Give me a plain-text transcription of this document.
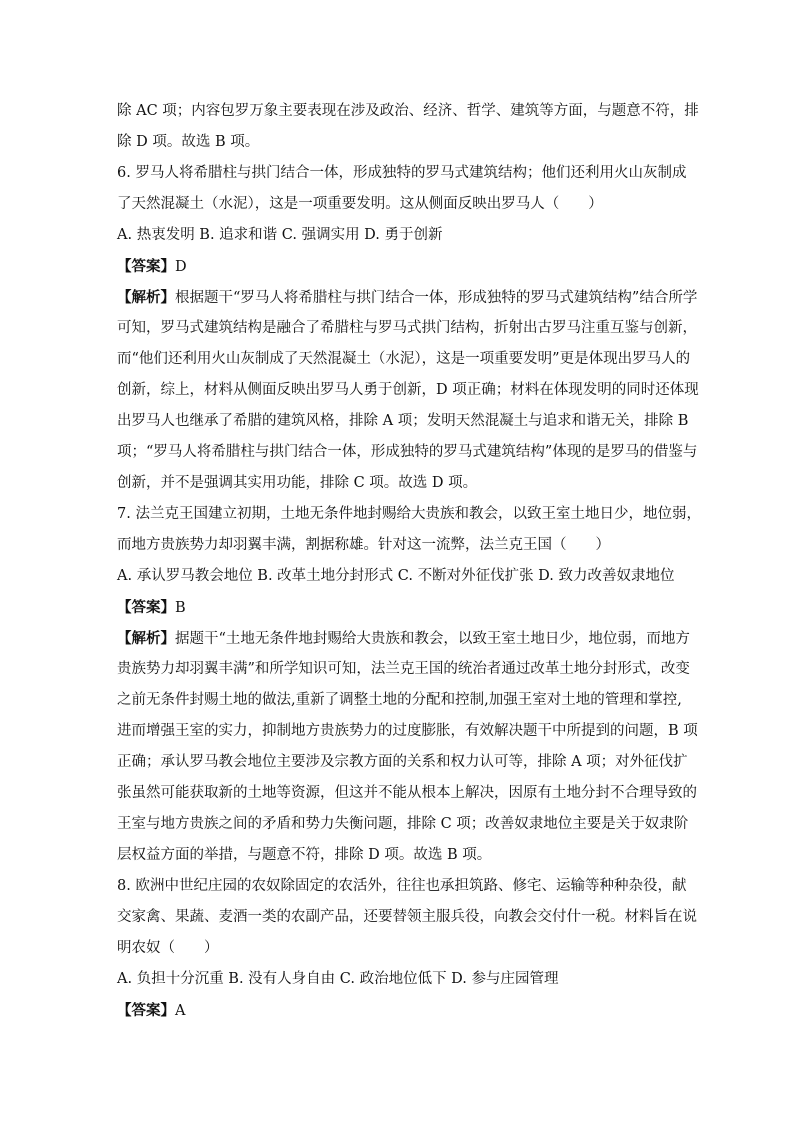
除 AC 项；内容包罗万象主要表现在涉及政治、经济、哲学、建筑等方面，与题意不符，排
除 D 项。故选 B 项。
6. 罗马人将希腊柱与拱门结合一体，形成独特的罗马式建筑结构；他们还利用火山灰制成
了天然混凝土（水泥），这是一项重要发明。这从侧面反映出罗马人（　　）
A. 热衷发明 B. 追求和谐 C. 强调实用 D. 勇于创新
【答案】D
【解析】根据题干“罗马人将希腊柱与拱门结合一体，形成独特的罗马式建筑结构”结合所学
可知，罗马式建筑结构是融合了希腊柱与罗马式拱门结构，折射出古罗马注重互鉴与创新，
而“他们还利用火山灰制成了天然混凝土（水泥），这是一项重要发明”更是体现出罗马人的
创新，综上，材料从侧面反映出罗马人勇于创新，D 项正确；材料在体现发明的同时还体现
出罗马人也继承了希腊的建筑风格，排除 A 项；发明天然混凝土与追求和谐无关，排除 B
项；“罗马人将希腊柱与拱门结合一体，形成独特的罗马式建筑结构”体现的是罗马的借鉴与
创新，并不是强调其实用功能，排除 C 项。故选 D 项。
7. 法兰克王国建立初期，土地无条件地封赐给大贵族和教会，以致王室土地日少，地位弱，
而地方贵族势力却羽翼丰满，割据称雄。针对这一流弊，法兰克王国（　　）
A. 承认罗马教会地位 B. 改革土地分封形式 C. 不断对外征伐扩张 D. 致力改善奴隶地位
【答案】B
【解析】据题干“土地无条件地封赐给大贵族和教会，以致王室土地日少，地位弱，而地方
贵族势力却羽翼丰满”和所学知识可知，法兰克王国的统治者通过改革土地分封形式，改变
之前无条件封赐土地的做法,重新了调整土地的分配和控制,加强王室对土地的管理和掌控,
进而增强王室的实力，抑制地方贵族势力的过度膨胀，有效解决题干中所提到的问题，B 项
正确；承认罗马教会地位主要涉及宗教方面的关系和权力认可等，排除 A 项；对外征伐扩
张虽然可能获取新的土地等资源，但这并不能从根本上解决，因原有土地分封不合理导致的
王室与地方贵族之间的矛盾和势力失衡问题，排除 C 项；改善奴隶地位主要是关于奴隶阶
层权益方面的举措，与题意不符，排除 D 项。故选 B 项。
8. 欧洲中世纪庄园的农奴除固定的农活外，往往也承担筑路、修宅、运输等种种杂役，献
交家禽、果蔬、麦酒一类的农副产品，还要替领主服兵役，向教会交付什一税。材料旨在说
明农奴（　　）
A. 负担十分沉重 B. 没有人身自由 C. 政治地位低下 D. 参与庄园管理
【答案】A
